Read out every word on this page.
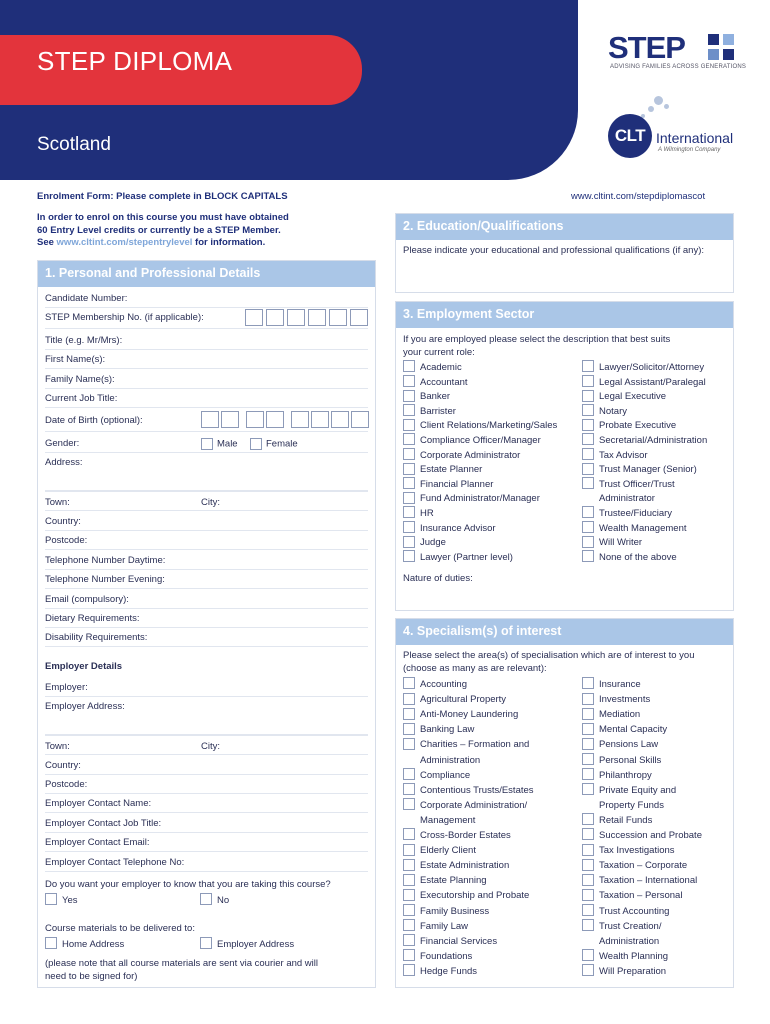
STEP DIPLOMA
Scotland
STEP
ADVISING FAMILIES ACROSS GENERATIONS
CLT International
A Wilmington Company
Enrolment Form: Please complete in BLOCK CAPITALS	www.cltint.com/stepdiplomascot
In order to enrol on this course you must have obtained
60 Entry Level credits or currently be a STEP Member.
See www.cltint.com/stepentrylevel for information.
1. Personal and Professional Details
Candidate Number:
STEP Membership No. (if applicable):
Title (e.g. Mr/Mrs):
First Name(s):
Family Name(s):
Current Job Title:
Date of Birth (optional):
Gender:	Male	Female
Address:
Town:	City:
Country:
Postcode:
Telephone Number Daytime:
Telephone Number Evening:
Email (compulsory):
Dietary Requirements:
Disability Requirements:
Employer Details
Employer:
Employer Address:
Town:	City:
Country:
Postcode:
Employer Contact Name:
Employer Contact Job Title:
Employer Contact Email:
Employer Contact Telephone No:
Do you want your employer to know that you are taking this course?
Yes	No
Course materials to be delivered to:
Home Address	Employer Address
(please note that all course materials are sent via courier and will
need to be signed for)
2. Education/Qualifications
Please indicate your educational and professional qualifications (if any):
3. Employment Sector
If you are employed please select the description that best suits
your current role:
Academic
Accountant
Banker
Barrister
Client Relations/Marketing/Sales
Compliance Officer/Manager
Corporate Administrator
Estate Planner
Financial Planner
Fund Administrator/Manager
HR
Insurance Advisor
Judge
Lawyer (Partner level)
Lawyer/Solicitor/Attorney
Legal Assistant/Paralegal
Legal Executive
Notary
Probate Executive
Secretarial/Administration
Tax Advisor
Trust Manager (Senior)
Trust Officer/Trust
Administrator
Trustee/Fiduciary
Wealth Management
Will Writer
None of the above
Nature of duties:
4. Specialism(s) of interest
Please select the area(s) of specialisation which are of interest to you
(choose as many as are relevant):
Accounting
Agricultural Property
Anti-Money Laundering
Banking Law
Charities – Formation and
Administration
Compliance
Contentious Trusts/Estates
Corporate Administration/
Management
Cross-Border Estates
Elderly Client
Estate Administration
Estate Planning
Executorship and Probate
Family Business
Family Law
Financial Services
Foundations
Hedge Funds
Insurance
Investments
Mediation
Mental Capacity
Pensions Law
Personal Skills
Philanthropy
Private Equity and
Property Funds
Retail Funds
Succession and Probate
Tax Investigations
Taxation – Corporate
Taxation – International
Taxation – Personal
Trust Accounting
Trust Creation/
Administration
Wealth Planning
Will Preparation
